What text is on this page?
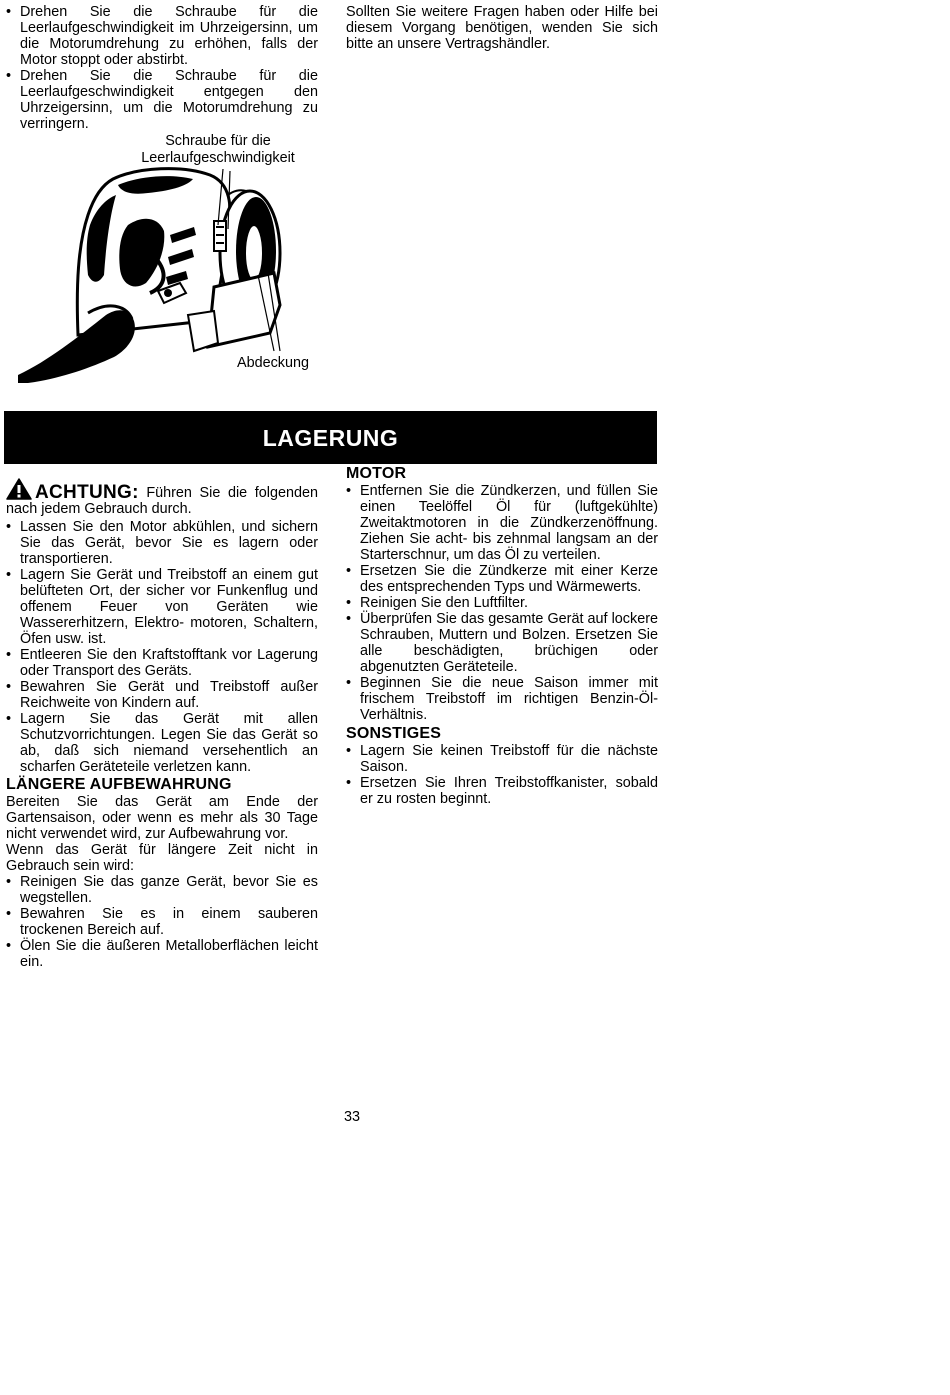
• Drehen Sie die Schraube für die Leerlaufgeschwindigkeit im Uhrzeigersinn, um die Motorumdrehung zu erhöhen, falls der Motor stoppt oder abstirbt.
• Drehen Sie die Schraube für die Leerlaufgeschwindigkeit entgegen den Uhrzeigersinn, um die Motorumdrehung zu verringern.

Sollten Sie weitere Fragen haben oder Hilfe bei diesem Vorgang benötigen, wenden Sie sich bitte an unsere Vertragshändler.

Schraube für die
Leerlaufgeschwindigkeit
Abdeckung
LAGERUNG

ACHTUNG: Führen Sie die folgenden nach jedem Gebrauch durch.

• Lassen Sie den Motor abkühlen, und sichern Sie das Gerät, bevor Sie es lagern oder transportieren.
• Lagern Sie Gerät und Treibstoff an einem gut belüfteten Ort, der sicher vor Funkenflug und offenem Feuer von Geräten wie Wassererhitzern, Elektro- motoren, Schaltern, Öfen usw. ist.
• Entleeren Sie den Kraftstofftank vor Lagerung oder Transport des Geräts.
• Bewahren Sie Gerät und Treibstoff außer Reichweite von Kindern auf.
• Lagern Sie das Gerät mit allen Schutzvorrichtungen. Legen Sie das Gerät so ab, daß sich niemand versehentlich an scharfen Geräteteile verletzen kann.
LÄNGERE AUFBEWAHRUNG

Bereiten Sie das Gerät am Ende der Gartensaison, oder wenn es mehr als 30 Tage nicht verwendet wird, zur Aufbewahrung vor.

Wenn das Gerät für längere Zeit nicht in Gebrauch sein wird:

• Reinigen Sie das ganze Gerät, bevor Sie es wegstellen.
• Bewahren Sie es in einem sauberen trockenen Bereich auf.
• Ölen Sie die äußeren Metalloberflächen leicht ein.
MOTOR
• Entfernen Sie die Zündkerzen, und füllen Sie einen Teelöffel Öl für (luftgekühlte) Zweitaktmotoren in die Zündkerzenöffnung. Ziehen Sie acht- bis zehnmal langsam an der Starterschnur, um das Öl zu verteilen.
• Ersetzen Sie die Zündkerze mit einer Kerze des entsprechenden Typs und Wärmewerts.
• Reinigen Sie den Luftfilter.
• Überprüfen Sie das gesamte Gerät auf lockere Schrauben, Muttern und Bolzen. Ersetzen Sie alle beschädigten, brüchigen oder abgenutzten Geräteteile.
• Beginnen Sie die neue Saison immer mit frischem Treibstoff im richtigen Benzin-Öl-Verhältnis.
SONSTIGES
• Lagern Sie keinen Treibstoff für die nächste Saison.
• Ersetzen Sie Ihren Treibstoffkanister, sobald er zu rosten beginnt.
33
